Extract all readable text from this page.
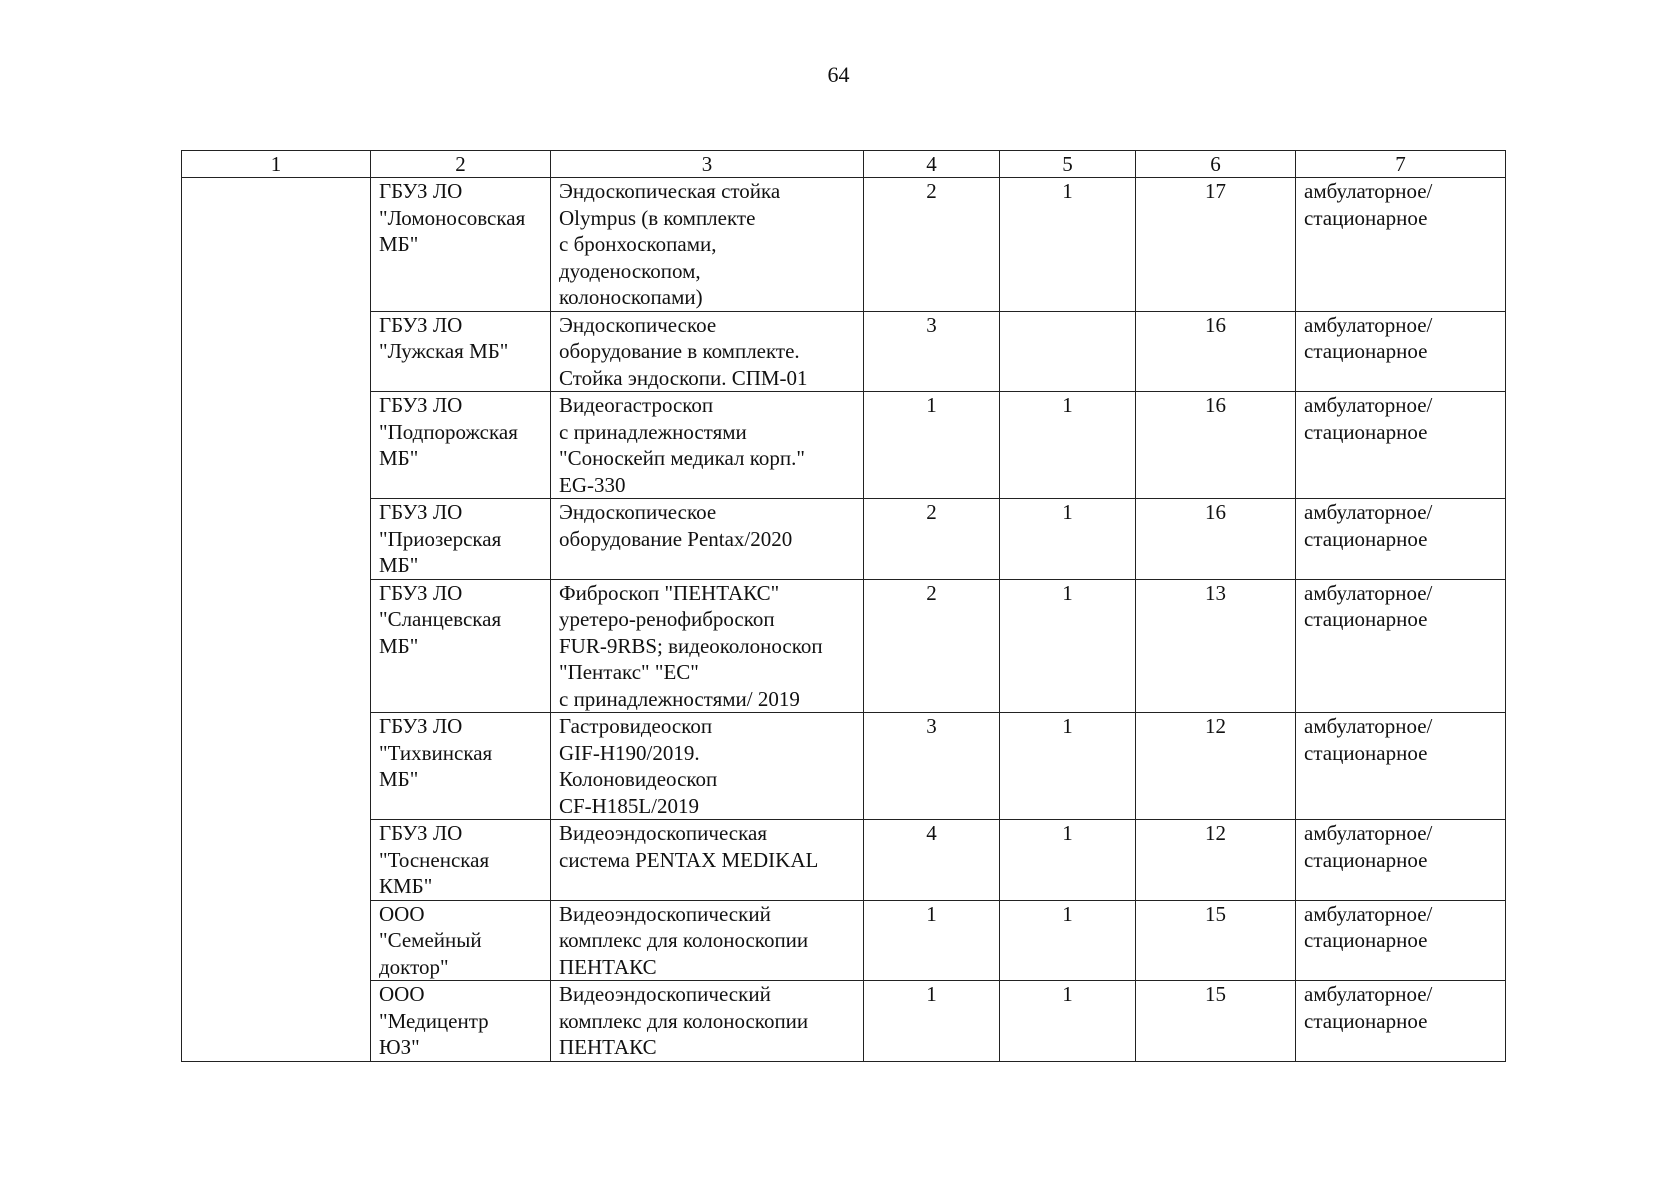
64
1	2	3	4	5	6	7

	ГБУЗ ЛО
"Ломоносовская
МБ"	Эндоскопическая стойка
Olympus (в комплекте
с бронхоскопами,
дуоденоскопом,
колоноскопами)	2	1	17	амбулаторное/
стационарное

	ГБУЗ ЛО
"Лужская МБ"	Эндоскопическое
оборудование в комплекте.
Стойка эндоскопи. СПМ-01	3		16	амбулаторное/
стационарное

	ГБУЗ ЛО
"Подпорожская
МБ"	Видеогастроскоп
с принадлежностями
"Соноскейп медикал корп."
EG-330	1	1	16	амбулаторное/
стационарное

	ГБУЗ ЛО
"Приозерская
МБ"	Эндоскопическое
оборудование Pentax/2020	2	1	16	амбулаторное/
стационарное

	ГБУЗ ЛО
"Сланцевская
МБ"	Фиброскоп "ПЕНТАКС"
уретеро-ренофиброскоп
FUR-9RBS; видеоколоноскоп
"Пентакс" "ЕС"
с принадлежностями/ 2019	2	1	13	амбулаторное/
стационарное

	ГБУЗ ЛО
"Тихвинская
МБ"	Гастровидеоскоп
GIF-H190/2019.
Колоновидеоскоп
CF-H185L/2019	3	1	12	амбулаторное/
стационарное

	ГБУЗ ЛО
"Тосненская
КМБ"	Видеоэндоскопическая
система PENTAX MEDIKAL	4	1	12	амбулаторное/
стационарное

	ООО
"Семейный
доктор"	Видеоэндоскопический
комплекс для колоноскопии
ПЕНТАКС	1	1	15	амбулаторное/
стационарное

	ООО
"Медицентр
ЮЗ"	Видеоэндоскопический
комплекс для колоноскопии
ПЕНТАКС	1	1	15	амбулаторное/
стационарное
